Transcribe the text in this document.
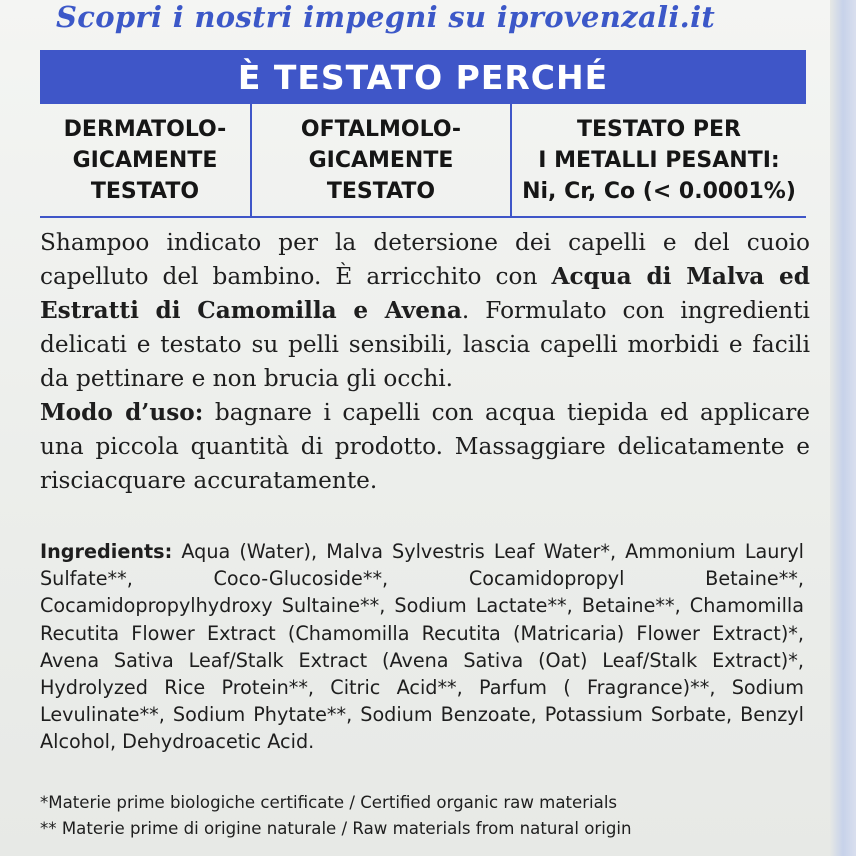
Scopri i nostri impegni su iprovenzali.it
È TESTATO PERCHÉ
DERMATOLO-
GICAMENTE
TESTATO
OFTALMOLO-
GICAMENTE
TESTATO
TESTATO PER
I METALLI PESANTI:
Ni, Cr, Co (< 0.0001%)
Shampoo indicato per la detersione dei capelli e del cuoio capelluto del bambino. È arricchito con Acqua di Malva ed Estratti di Camomilla e Avena. Formulato con ingredienti delicati e testato su pelli sensibili, lascia capelli morbidi e facili da pettinare e non brucia gli occhi.
Modo d’uso: bagnare i capelli con acqua tiepida ed applicare una piccola quantità di prodotto. Massaggiare delicatamente e risciacquare accuratamente.
Ingredients: Aqua (Water), Malva Sylvestris Leaf Water*, Ammonium Lauryl Sulfate**, Coco-Glucoside**, Cocamidopropyl Betaine**, Cocamidopropylhydroxy Sultaine**, Sodium Lactate**, Betaine**, Chamomilla Recutita Flower Extract (Chamomilla Recutita (Matricaria) Flower Extract)*, Avena Sativa Leaf/Stalk Extract (Avena Sativa (Oat) Leaf/Stalk Extract)*, Hydrolyzed Rice Protein**, Citric Acid**, Parfum ( Fragrance)**, Sodium Levulinate**, Sodium Phytate**, Sodium Benzoate, Potassium Sorbate, Benzyl Alcohol, Dehydroacetic Acid.
*Materie prime biologiche certificate / Certified organic raw materials
** Materie prime di origine naturale / Raw materials from natural origin
